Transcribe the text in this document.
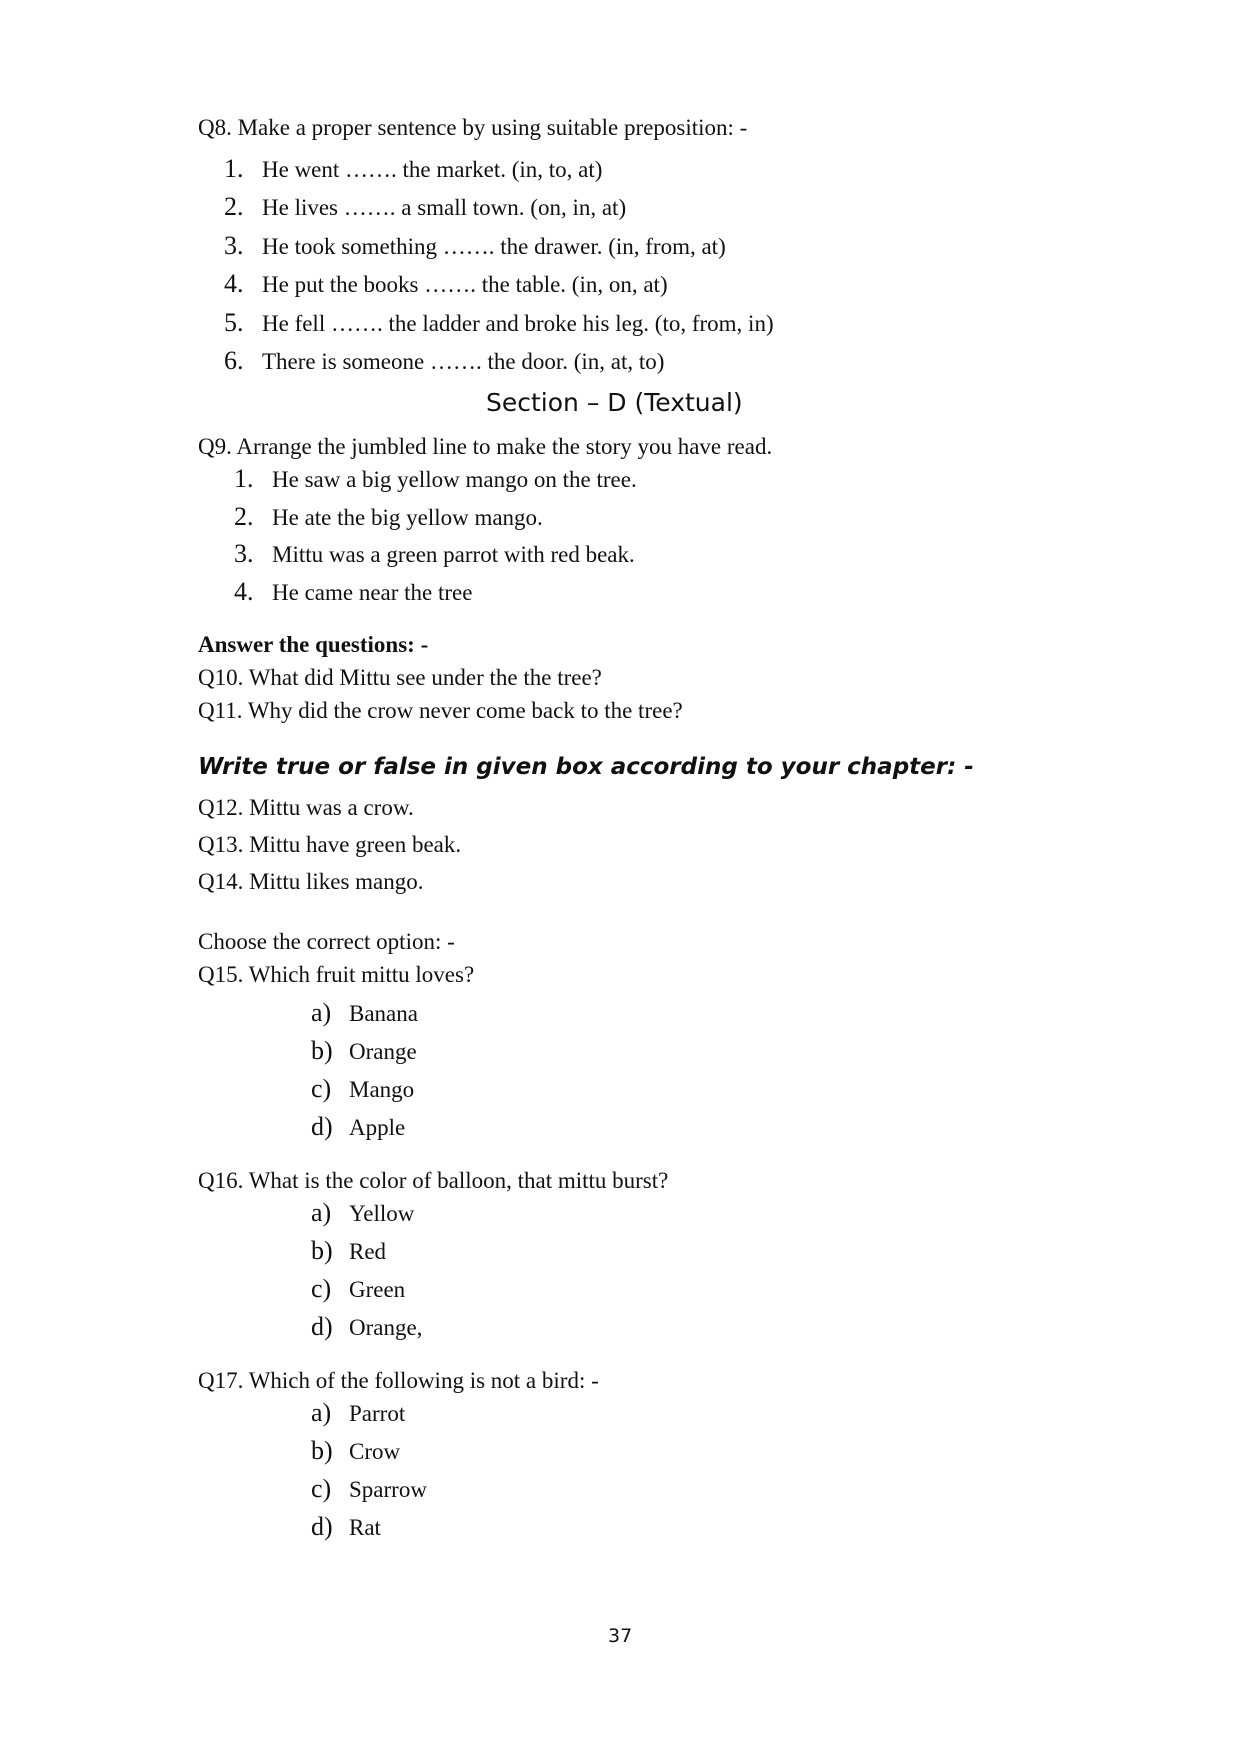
Q8. Make a proper sentence by using suitable preposition: -
1. He went ……. the market. (in, to, at)
2. He lives ……. a small town. (on, in, at)
3. He took something ……. the drawer. (in, from, at)
4. He put the books ……. the table. (in, on, at)
5. He fell ……. the ladder and broke his leg. (to, from, in)
6. There is someone ……. the door. (in, at, to)
Section – D (Textual)
Q9. Arrange the jumbled line to make the story you have read.
1. He saw a big yellow mango on the tree.
2. He ate the big yellow mango.
3. Mittu was a green parrot with red beak.
4. He came near the tree
Answer the questions: -
Q10. What did Mittu see under the the tree?
Q11. Why did the crow never come back to the tree?
Write true or false in given box according to your chapter: -
Q12. Mittu was a crow.
Q13. Mittu have green beak.
Q14. Mittu likes mango.
Choose the correct option: -
Q15. Which fruit mittu loves?
a) Banana
b) Orange
c) Mango
d) Apple
Q16. What is the color of balloon, that mittu burst?
a) Yellow
b) Red
c) Green
d) Orange,
Q17. Which of the following is not a bird: -
a) Parrot
b) Crow
c) Sparrow
d) Rat
37
